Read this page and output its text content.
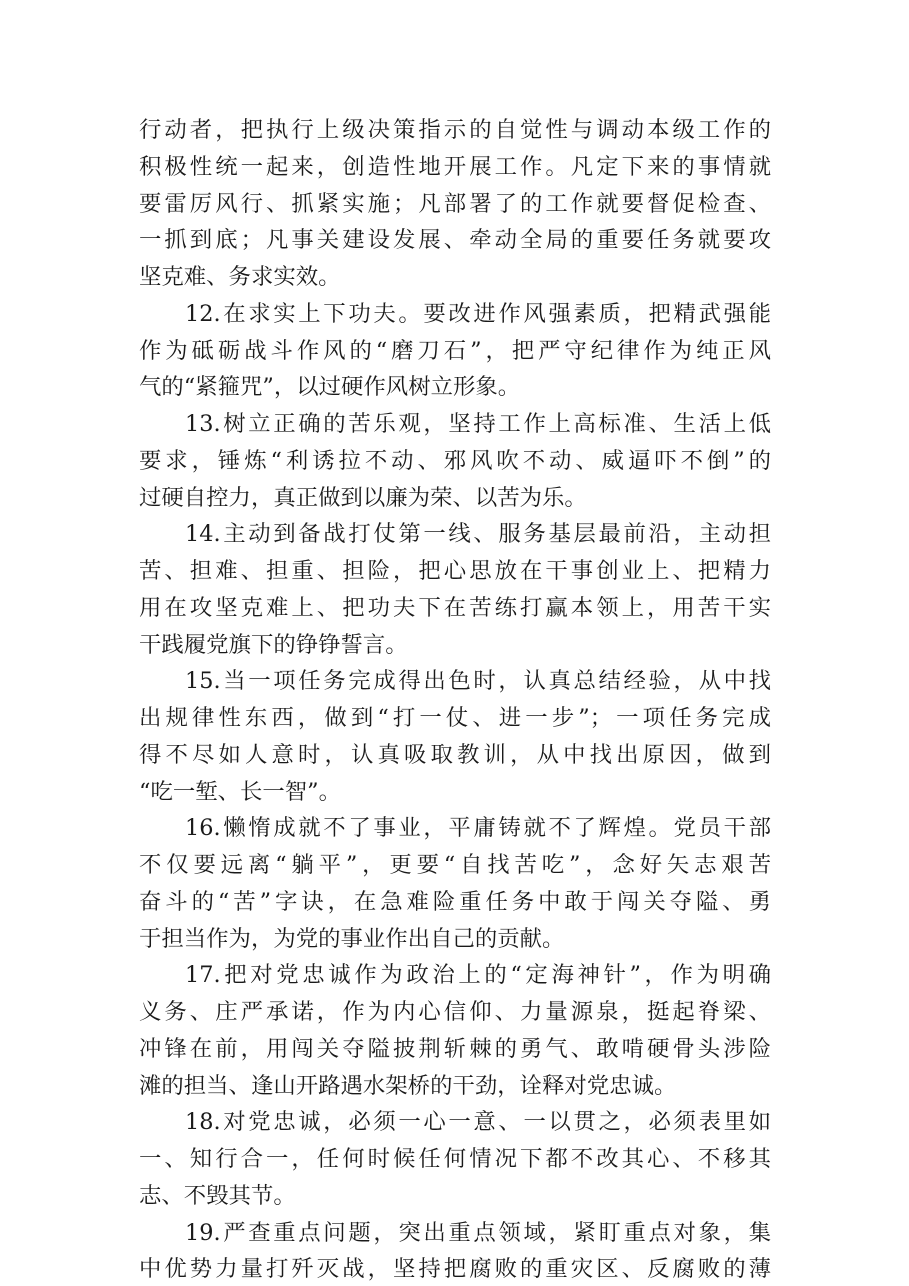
行动者，把执行上级决策指示的自觉性与调动本级工作的
积极性统一起来，创造性地开展工作。凡定下来的事情就
要雷厉风行、抓紧实施；凡部署了的工作就要督促检查、
一抓到底；凡事关建设发展、牵动全局的重要任务就要攻
坚克难、务求实效。
12.在求实上下功夫。要改进作风强素质，把精武强能
作为砥砺战斗作风的“磨刀石”，把严守纪律作为纯正风
气的“紧箍咒”，以过硬作风树立形象。
13.树立正确的苦乐观，坚持工作上高标准、生活上低
要求，锤炼“利诱拉不动、邪风吹不动、威逼吓不倒”的
过硬自控力，真正做到以廉为荣、以苦为乐。
14.主动到备战打仗第一线、服务基层最前沿，主动担
苦、担难、担重、担险，把心思放在干事创业上、把精力
用在攻坚克难上、把功夫下在苦练打赢本领上，用苦干实
干践履党旗下的铮铮誓言。
15.当一项任务完成得出色时，认真总结经验，从中找
出规律性东西，做到“打一仗、进一步”；一项任务完成
得不尽如人意时，认真吸取教训，从中找出原因，做到
“吃一堑、长一智”。
16.懒惰成就不了事业，平庸铸就不了辉煌。党员干部
不仅要远离“躺平”，更要“自找苦吃”，念好矢志艰苦
奋斗的“苦”字诀，在急难险重任务中敢于闯关夺隘、勇
于担当作为，为党的事业作出自己的贡献。
17.把对党忠诚作为政治上的“定海神针”，作为明确
义务、庄严承诺，作为内心信仰、力量源泉，挺起脊梁、
冲锋在前，用闯关夺隘披荆斩棘的勇气、敢啃硬骨头涉险
滩的担当、逢山开路遇水架桥的干劲，诠释对党忠诚。
18.对党忠诚，必须一心一意、一以贯之，必须表里如
一、知行合一，任何时候任何情况下都不改其心、不移其
志、不毁其节。
19.严查重点问题，突出重点领域，紧盯重点对象，集
中优势力量打歼灭战，坚持把腐败的重灾区、反腐败的薄
